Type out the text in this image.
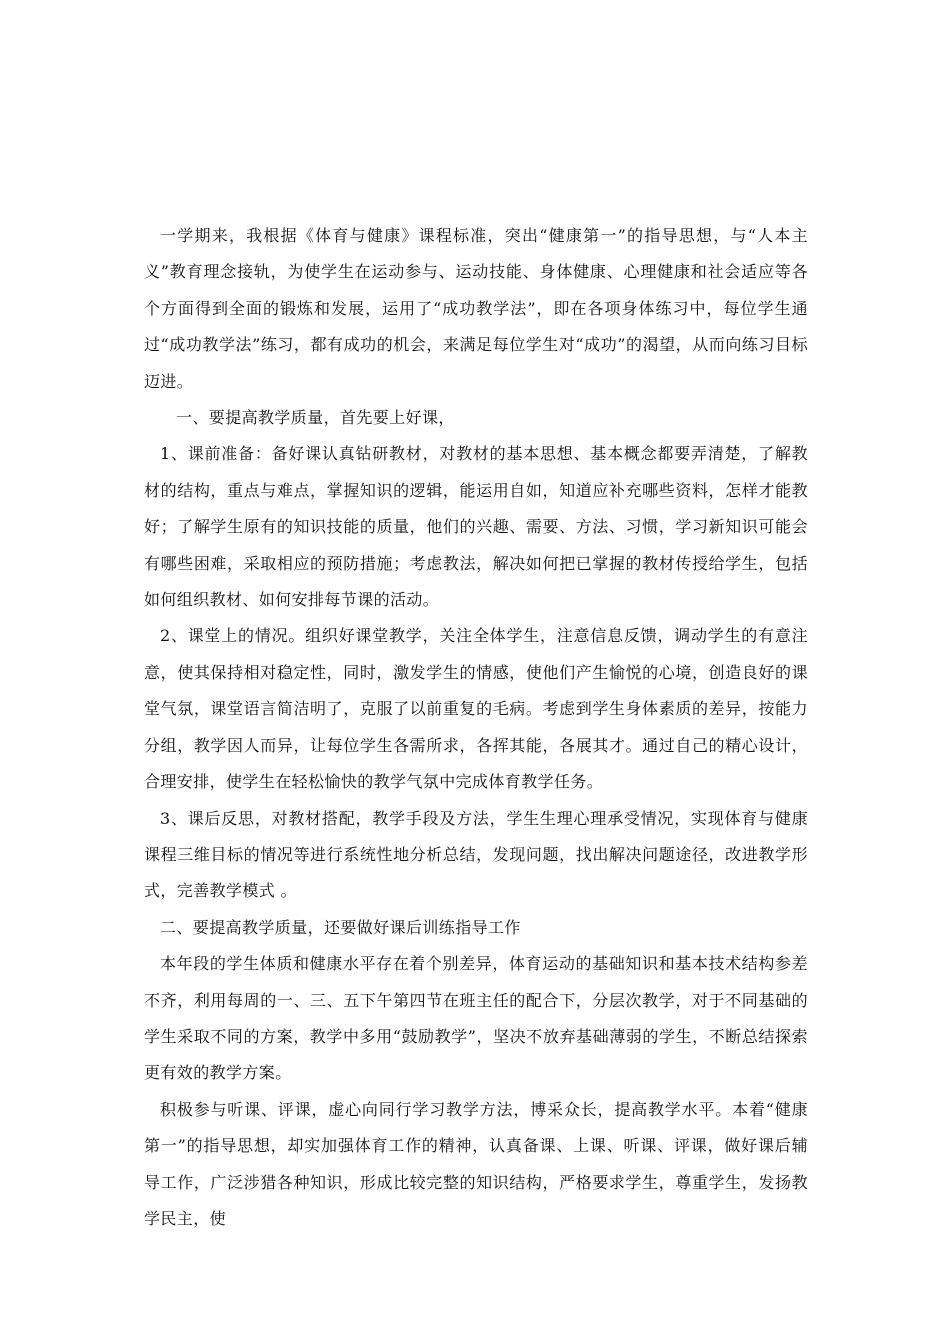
一学期来，我根据《体育与健康》课程标准，突出“健康第一”的指导思想，与“人本主义”教育理念接轨，为使学生在运动参与、运动技能、身体健康、心理健康和社会适应等各个方面得到全面的锻炼和发展，运用了“成功教学法”，即在各项身体练习中，每位学生通过“成功教学法”练习，都有成功的机会，来满足每位学生对“成功”的渴望，从而向练习目标迈进。

一、要提高教学质量，首先要上好课，

1、课前准备：备好课认真钻研教材，对教材的基本思想、基本概念都要弄清楚，了解教材的结构，重点与难点，掌握知识的逻辑，能运用自如，知道应补充哪些资料，怎样才能教好；了解学生原有的知识技能的质量，他们的兴趣、需要、方法、习惯，学习新知识可能会有哪些困难，采取相应的预防措施；考虑教法，解决如何把已掌握的教材传授给学生，包括如何组织教材、如何安排每节课的活动。

2、课堂上的情况。组织好课堂教学，关注全体学生，注意信息反馈，调动学生的有意注意，使其保持相对稳定性，同时，激发学生的情感，使他们产生愉悦的心境，创造良好的课堂气氛，课堂语言简洁明了，克服了以前重复的毛病。考虑到学生身体素质的差异，按能力分组，教学因人而异，让每位学生各需所求，各挥其能，各展其才。通过自己的精心设计，合理安排，使学生在轻松愉快的教学气氛中完成体育教学任务。

3、课后反思，对教材搭配，教学手段及方法，学生生理心理承受情况，实现体育与健康课程三维目标的情况等进行系统性地分析总结，发现问题，找出解决问题途径，改进教学形式，完善教学模式 。

二、要提高教学质量，还要做好课后训练指导工作

本年段的学生体质和健康水平存在着个别差异，体育运动的基础知识和基本技术结构参差不齐，利用每周的一、三、五下午第四节在班主任的配合下，分层次教学，对于不同基础的学生采取不同的方案，教学中多用“鼓励教学”，坚决不放弃基础薄弱的学生，不断总结探索更有效的教学方案。

积极参与听课、评课，虚心向同行学习教学方法，博采众长，提高教学水平。本着“健康第一”的指导思想，却实加强体育工作的精神，认真备课、上课、听课、评课，做好课后辅导工作，广泛涉猎各种知识，形成比较完整的知识结构，严格要求学生，尊重学生，发扬教学民主，使
